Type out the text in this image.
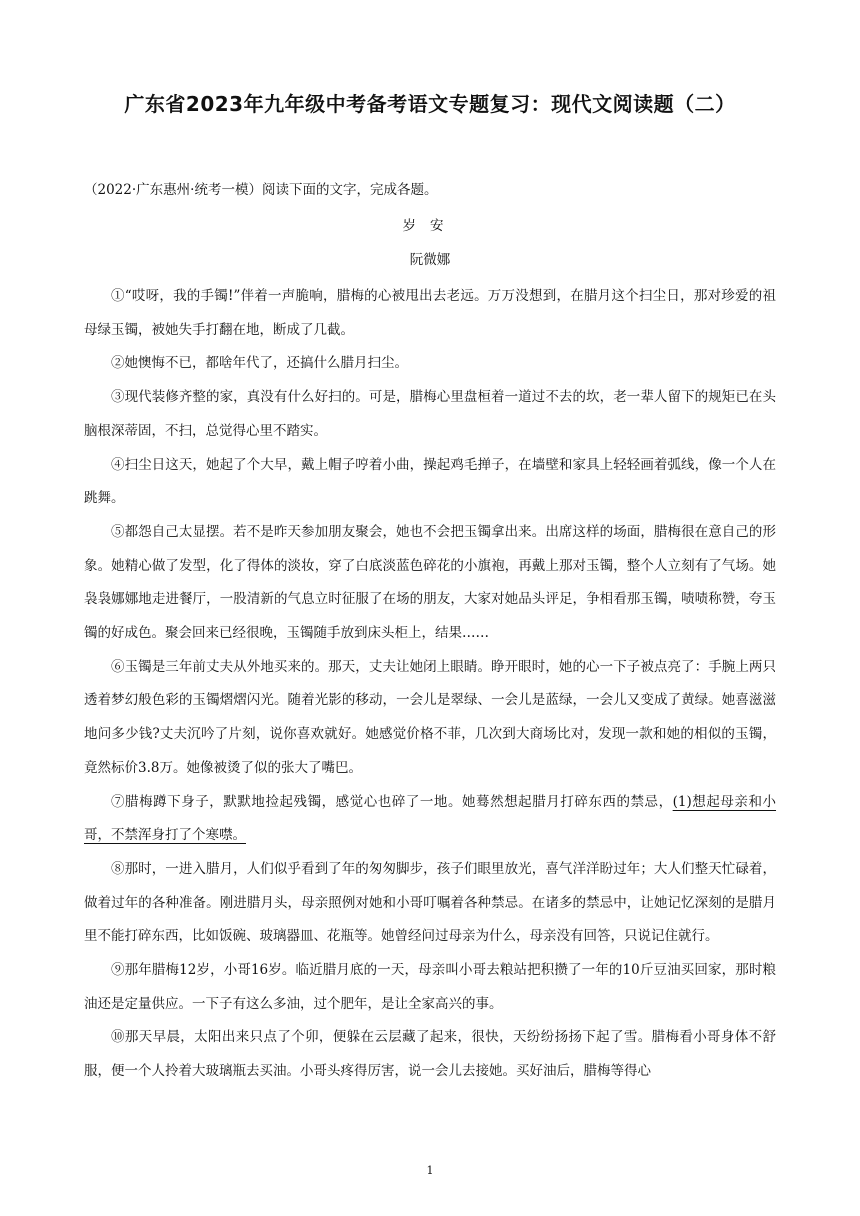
广东省2023年九年级中考备考语文专题复习：现代文阅读题（二）
（2022·广东惠州·统考一模）阅读下面的文字，完成各题。
岁安
阮微娜

①“哎呀，我的手镯!”伴着一声脆响，腊梅的心被甩出去老远。万万没想到，在腊月这个扫尘日，那对珍爱的祖母绿玉镯，被她失手打翻在地，断成了几截。

②她懊悔不已，都啥年代了，还搞什么腊月扫尘。

③现代装修齐整的家，真没有什么好扫的。可是，腊梅心里盘桓着一道过不去的坎，老一辈人留下的规矩已在头脑根深蒂固，不扫，总觉得心里不踏实。

④扫尘日这天，她起了个大早，戴上帽子哼着小曲，操起鸡毛掸子，在墙壁和家具上轻轻画着弧线，像一个人在跳舞。

⑤都怨自己太显摆。若不是昨天参加朋友聚会，她也不会把玉镯拿出来。出席这样的场面，腊梅很在意自己的形象。她精心做了发型，化了得体的淡妆，穿了白底淡蓝色碎花的小旗袍，再戴上那对玉镯，整个人立刻有了气场。她袅袅娜娜地走进餐厅，一股清新的气息立时征服了在场的朋友，大家对她品头评足，争相看那玉镯，啧啧称赞，夸玉镯的好成色。聚会回来已经很晚，玉镯随手放到床头柜上，结果……

⑥玉镯是三年前丈夫从外地买来的。那天，丈夫让她闭上眼睛。睁开眼时，她的心一下子被点亮了：手腕上两只透着梦幻般色彩的玉镯熠熠闪光。随着光影的移动，一会儿是翠绿、一会儿是蓝绿，一会儿又变成了黄绿。她喜滋滋地问多少钱?丈夫沉吟了片刻，说你喜欢就好。她感觉价格不菲，几次到大商场比对，发现一款和她的相似的玉镯，竟然标价3.8万。她像被烫了似的张大了嘴巴。

⑦腊梅蹲下身子，默默地捡起残镯，感觉心也碎了一地。她蓦然想起腊月打碎东西的禁忌，(1)想起母亲和小哥，不禁浑身打了个寒噤。

⑧那时，一进入腊月，人们似乎看到了年的匆匆脚步，孩子们眼里放光，喜气洋洋盼过年；大人们整天忙碌着，做着过年的各种准备。刚进腊月头，母亲照例对她和小哥叮嘱着各种禁忌。在诸多的禁忌中，让她记忆深刻的是腊月里不能打碎东西，比如饭碗、玻璃器皿、花瓶等。她曾经问过母亲为什么，母亲没有回答，只说记住就行。

⑨那年腊梅12岁，小哥16岁。临近腊月底的一天，母亲叫小哥去粮站把积攒了一年的10斤豆油买回家，那时粮油还是定量供应。一下子有这么多油，过个肥年，是让全家高兴的事。

⑩那天早晨，太阳出来只点了个卯，便躲在云层藏了起来，很快，天纷纷扬扬下起了雪。腊梅看小哥身体不舒服，便一个人拎着大玻璃瓶去买油。小哥头疼得厉害，说一会儿去接她。买好油后，腊梅等得心

1
